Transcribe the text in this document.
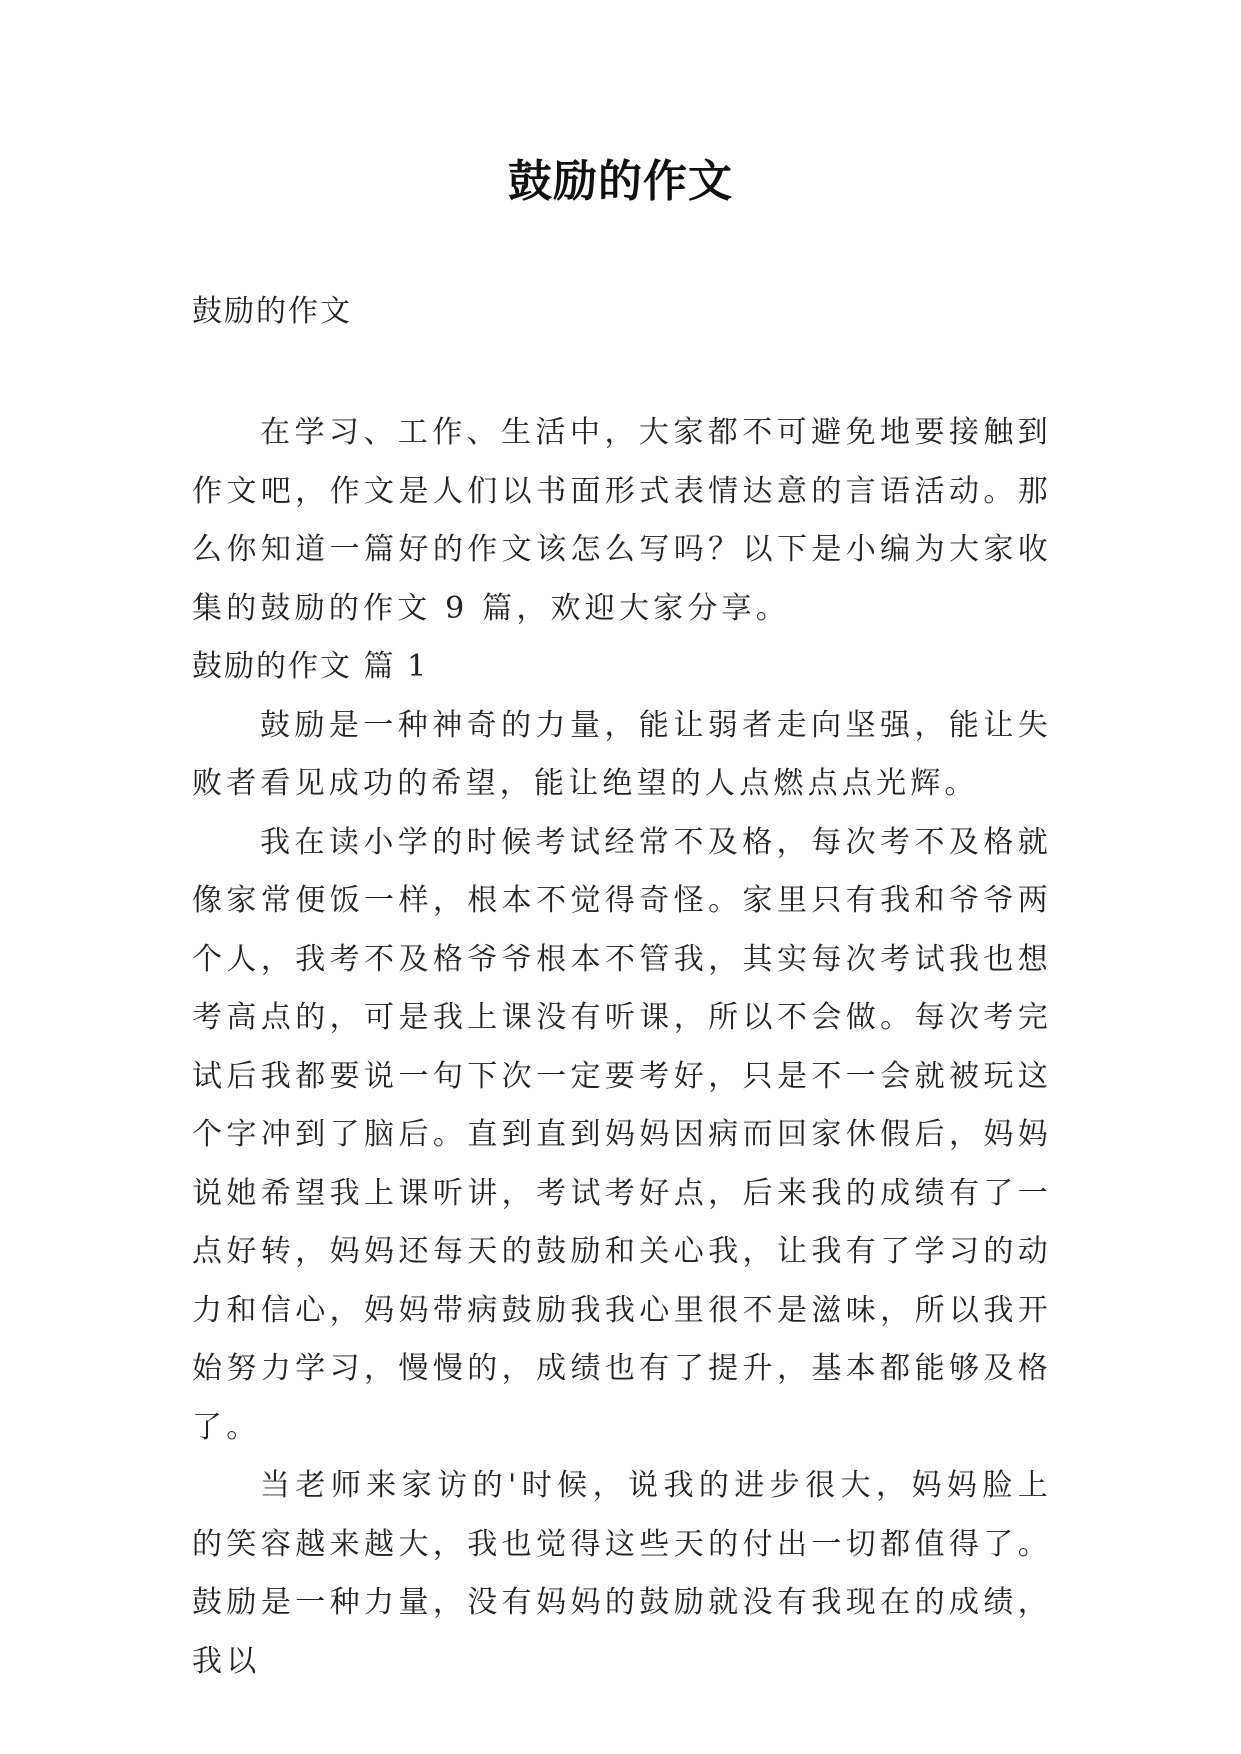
鼓励的作文
鼓励的作文

在学习、工作、生活中，大家都不可避免地要接触到作文吧，作文是人们以书面形式表情达意的言语活动。那么你知道一篇好的作文该怎么写吗？以下是小编为大家收集的鼓励的作文 9 篇，欢迎大家分享。

鼓励的作文 篇 1

鼓励是一种神奇的力量，能让弱者走向坚强，能让失败者看见成功的希望，能让绝望的人点燃点点光辉。

我在读小学的时候考试经常不及格，每次考不及格就像家常便饭一样，根本不觉得奇怪。家里只有我和爷爷两个人，我考不及格爷爷根本不管我，其实每次考试我也想考高点的，可是我上课没有听课，所以不会做。每次考完试后我都要说一句下次一定要考好，只是不一会就被玩这个字冲到了脑后。直到直到妈妈因病而回家休假后，妈妈说她希望我上课听讲，考试考好点，后来我的成绩有了一点好转，妈妈还每天的鼓励和关心我，让我有了学习的动力和信心，妈妈带病鼓励我我心里很不是滋味，所以我开始努力学习，慢慢的，成绩也有了提升，基本都能够及格了。

当老师来家访的'时候，说我的进步很大，妈妈脸上的笑容越来越大，我也觉得这些天的付出一切都值得了。 鼓励是一种力量，没有妈妈的鼓励就没有我现在的成绩，我以
